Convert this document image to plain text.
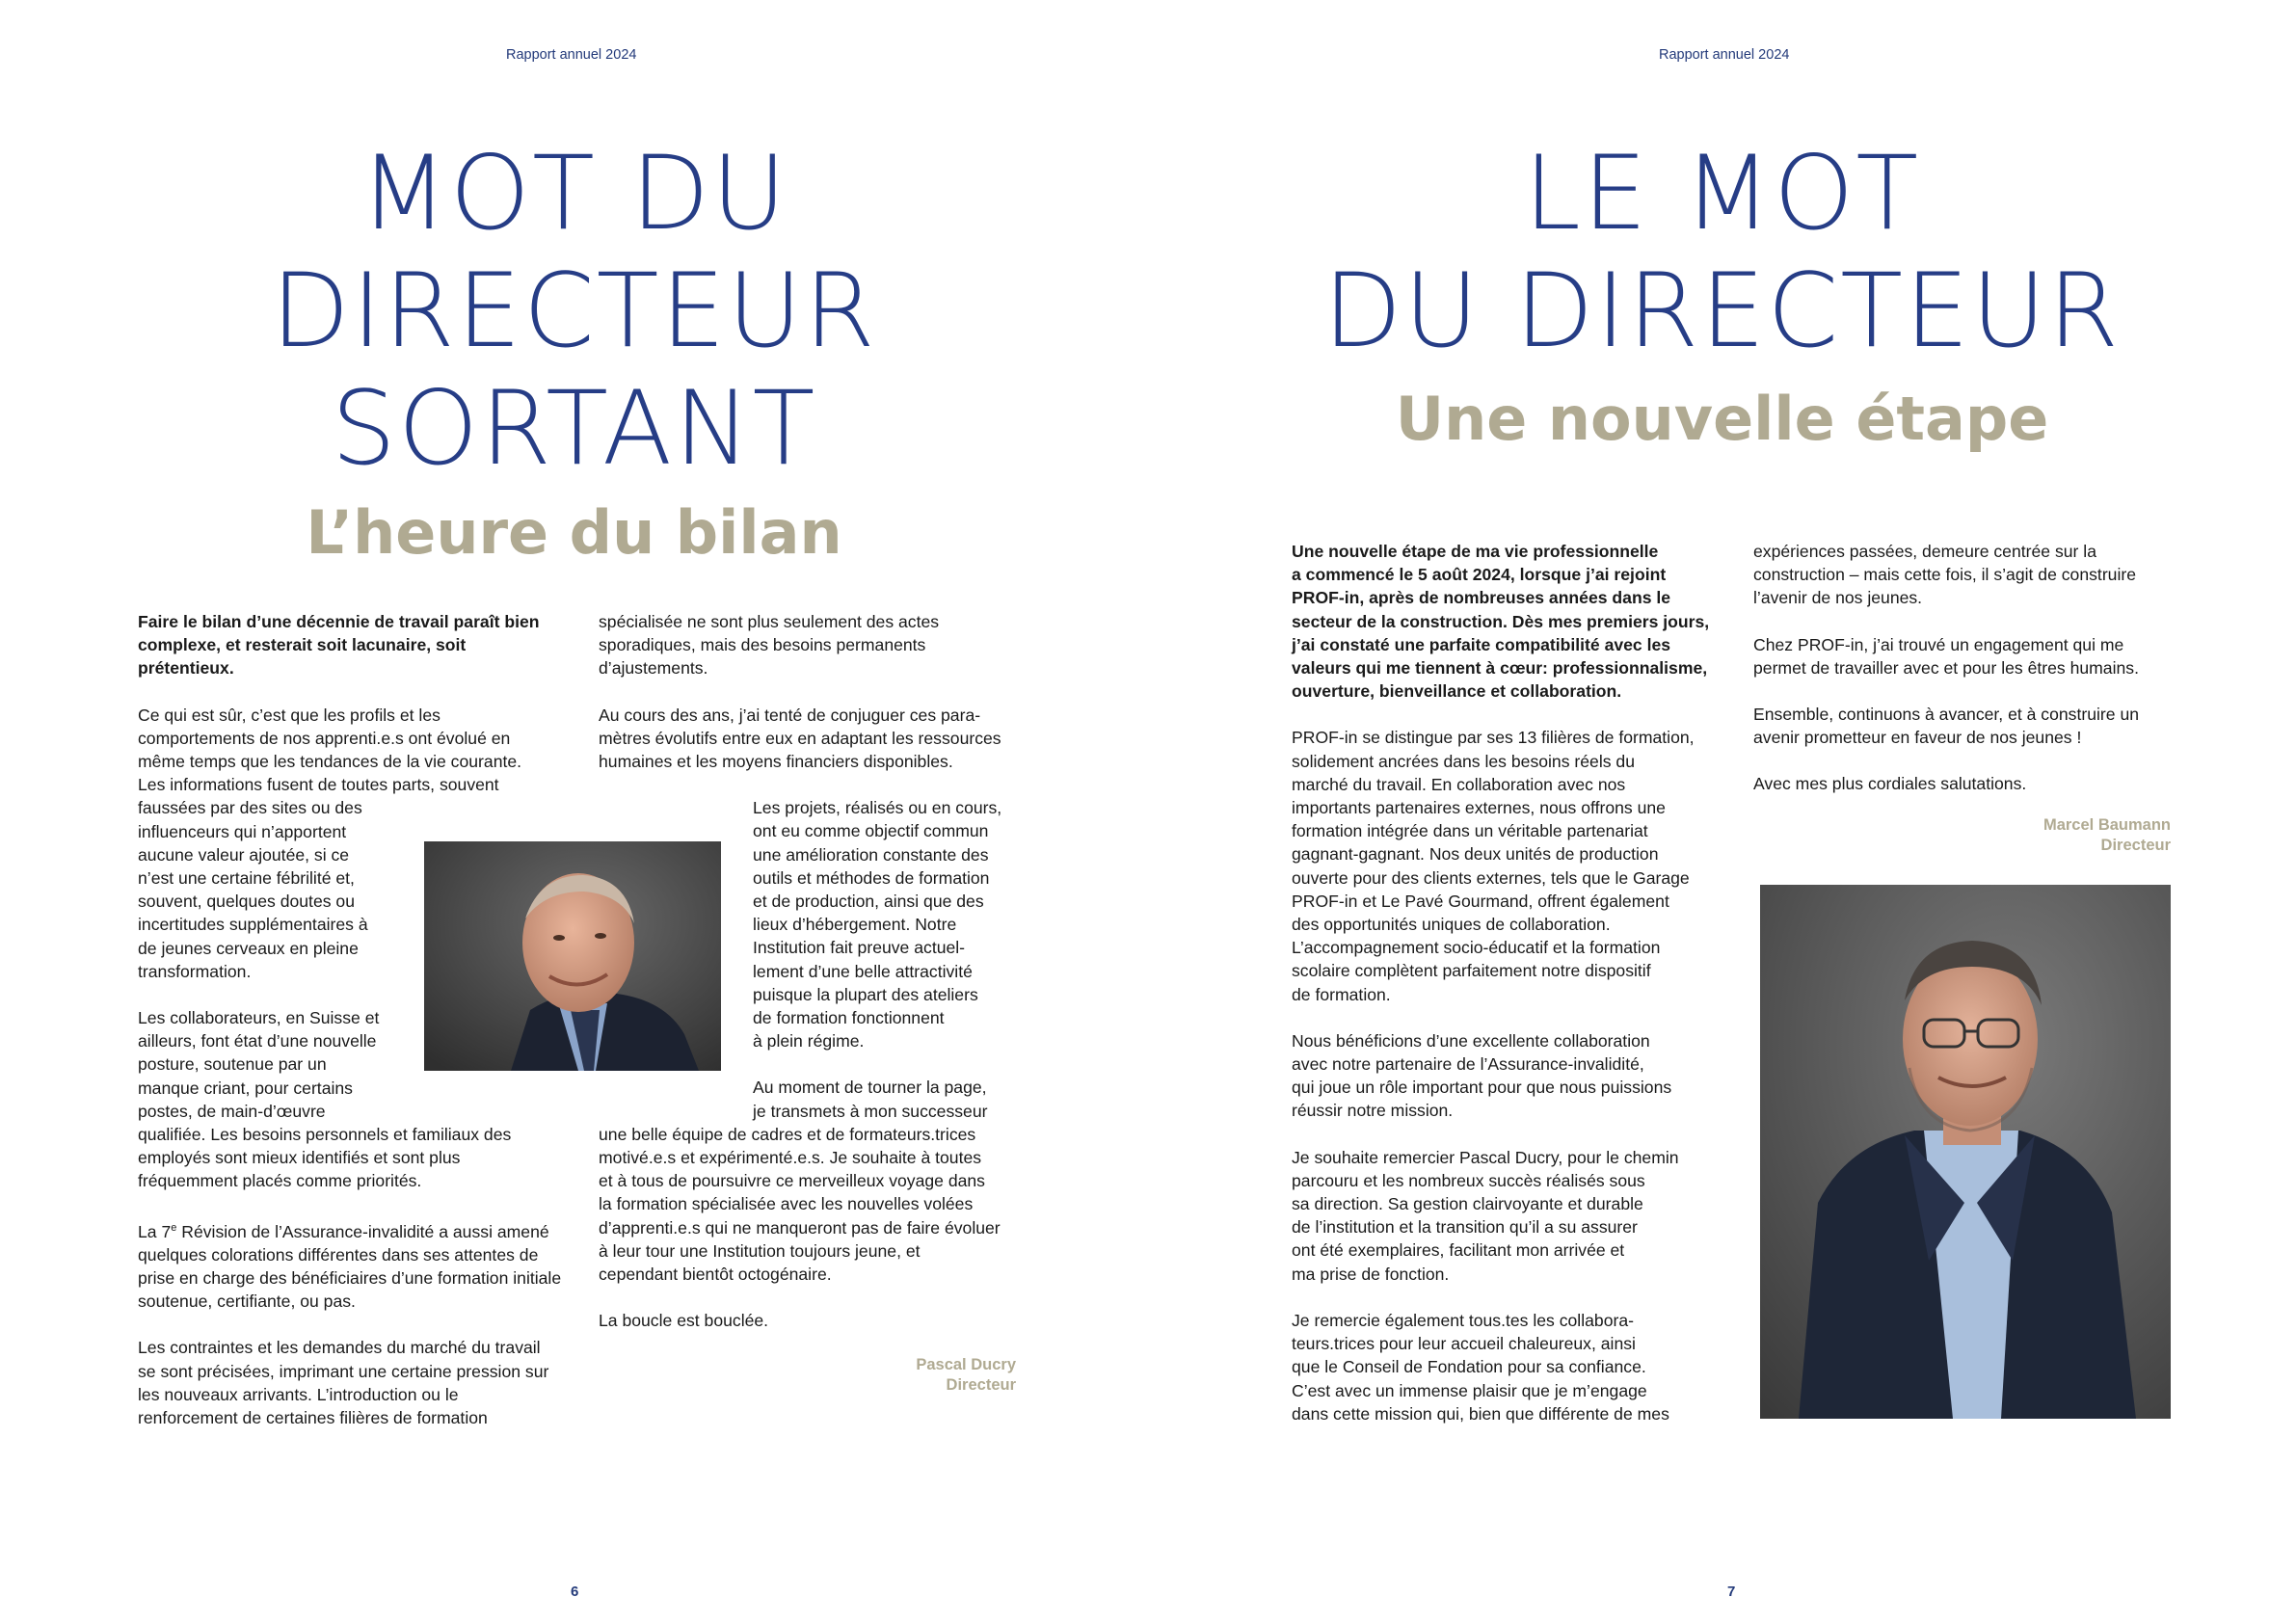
Rapport annuel 2024
MOT DU
DIRECTEUR
SORTANT
L’heure du bilan

Faire le bilan d’une décennie de travail paraît bien complexe, et resterait soit lacunaire, soit prétentieux.

Ce qui est sûr, c’est que les profils et les
comportements de nos apprenti.e.s ont évolué en
même temps que les tendances de la vie courante.
Les informations fusent de toutes parts, souvent
faussées par des sites ou des
influenceurs qui n’apportent
aucune valeur ajoutée, si ce
n’est une certaine fébrilité et,
souvent, quelques doutes ou
incertitudes supplémentaires à
de jeunes cerveaux en pleine
transformation.

Les collaborateurs, en Suisse et
ailleurs, font état d’une nouvelle
posture, soutenue par un
manque criant, pour certains
postes, de main-d’œuvre
qualifiée. Les besoins personnels et familiaux des
employés sont mieux identifiés et sont plus
fréquemment placés comme priorités.

La 7e Révision de l’Assurance-invalidité a aussi amené quelques colorations différentes dans ses attentes de prise en charge des bénéficiaires d’une formation initiale soutenue, certifiante, ou pas.

Les contraintes et les demandes du marché du travail se sont précisées, imprimant une certaine pression sur les nouveaux arrivants. L’introduction ou le renforcement de certaines filières de formation

spécialisée ne sont plus seulement des actes sporadiques, mais des besoins permanents d’ajustements.

Au cours des ans, j’ai tenté de conjuguer ces para-
mètres évolutifs entre eux en adaptant les ressources
humaines et les moyens financiers disponibles.

Les projets, réalisés ou en cours,
ont eu comme objectif commun
une amélioration constante des
outils et méthodes de formation
et de production, ainsi que des
lieux d’hébergement. Notre
Institution fait preuve actuel-
lement d’une belle attractivité
puisque la plupart des ateliers
de formation fonctionnent
à plein régime.

Au moment de tourner la page,
je transmets à mon successeur
une belle équipe de cadres et de formateurs.trices
motivé.e.s et expérimenté.e.s. Je souhaite à toutes
et à tous de poursuivre ce merveilleux voyage dans
la formation spécialisée avec les nouvelles volées
d’apprenti.e.s qui ne manqueront pas de faire évoluer
à leur tour une Institution toujours jeune, et
cependant bientôt octogénaire.

La boucle est bouclée.

Pascal Ducry
Directeur
6
Rapport annuel 2024
LE MOT
DU DIRECTEUR
Une nouvelle étape

Une nouvelle étape de ma vie professionnelle
a commencé le 5 août 2024, lorsque j’ai rejoint
PROF-in, après de nombreuses années dans le
secteur de la construction. Dès mes premiers jours,
j’ai constaté une parfaite compatibilité avec les
valeurs qui me tiennent à cœur: professionnalisme,
ouverture, bienveillance et collaboration.

PROF-in se distingue par ses 13 filières de formation,
solidement ancrées dans les besoins réels du
marché du travail. En collaboration avec nos
importants partenaires externes, nous offrons une
formation intégrée dans un véritable partenariat
gagnant-gagnant. Nos deux unités de production
ouverte pour des clients externes, tels que le Garage
PROF-in et Le Pavé Gourmand, offrent également
des opportunités uniques de collaboration.
L’accompagnement socio-éducatif et la formation
scolaire complètent parfaitement notre dispositif
de formation.

Nous bénéficions d’une excellente collaboration
avec notre partenaire de l’Assurance-invalidité,
qui joue un rôle important pour que nous puissions
réussir notre mission.

Je souhaite remercier Pascal Ducry, pour le chemin
parcouru et les nombreux succès réalisés sous
sa direction. Sa gestion clairvoyante et durable
de l’institution et la transition qu’il a su assurer
ont été exemplaires, facilitant mon arrivée et
ma prise de fonction.

Je remercie également tous.tes les collabora-
teurs.trices pour leur accueil chaleureux, ainsi
que le Conseil de Fondation pour sa confiance.
C’est avec un immense plaisir que je m’engage
dans cette mission qui, bien que différente de mes

expériences passées, demeure centrée sur la
construction – mais cette fois, il s’agit de construire
l’avenir de nos jeunes.

Chez PROF-in, j’ai trouvé un engagement qui me
permet de travailler avec et pour les êtres humains.

Ensemble, continuons à avancer, et à construire un
avenir prometteur en faveur de nos jeunes !

Avec mes plus cordiales salutations.

Marcel Baumann
Directeur
7
